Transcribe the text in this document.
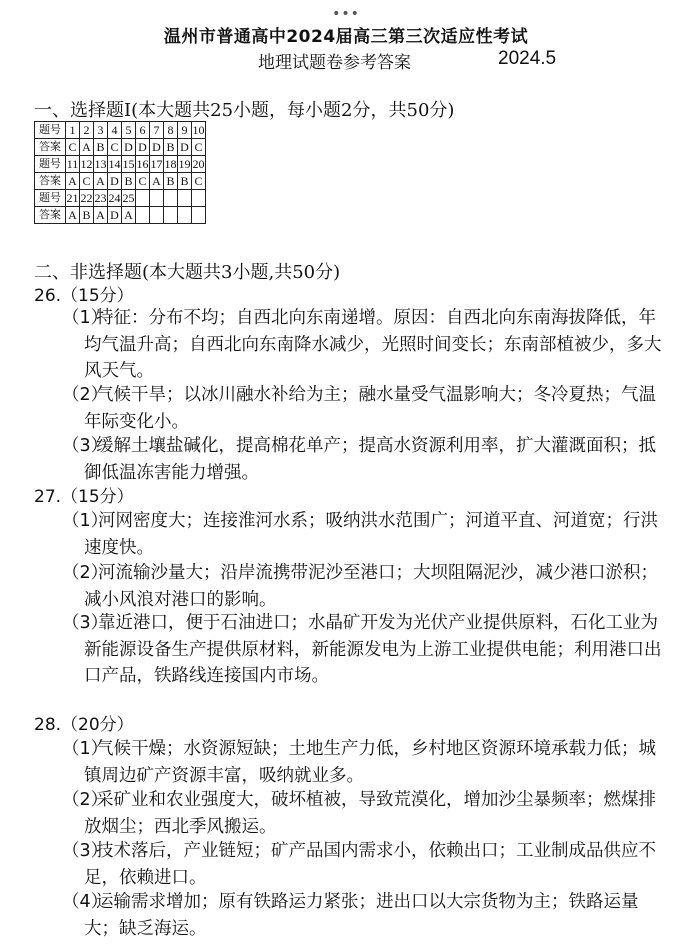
•••
温州市普通高中2024届高三第三次适应性考试
地理试题卷参考答案	2024.5
一、选择题I(本大题共25小题，每小题2分，共50分)
题号	1	2	3	4	5	6	7	8	9	10
答案	C	A	B	C	D	D	D	B	D	C
题号	11	12	13	14	15	16	17	18	19	20
答案	A	C	A	D	B	C	A	B	B	C
题号	21	22	23	24	25					
答案	A	B	A	D	A					
二、非选择题(本大题共3小题,共50分)
26.（15分）
（1）
特征：分布不均；自西北向东南递增。原因：自西北向东南海拔降低，年均气温升高；自西北向东南降水减少，光照时间变长；东南部植被少，多大风天气。
（2）
气候干旱；以冰川融水补给为主；融水量受气温影响大；冬冷夏热；气温年际变化小。
（3）
缓解土壤盐碱化，提高棉花单产；提高水资源利用率，扩大灌溉面积；抵御低温冻害能力增强。
27.（15分）
（1）
河网密度大；连接淮河水系；吸纳洪水范围广；河道平直、河道宽；行洪速度快。
（2）
河流输沙量大；沿岸流携带泥沙至港口；大坝阻隔泥沙，减少港口淤积；减小风浪对港口的影响。
（3）
靠近港口，便于石油进口；水晶矿开发为光伏产业提供原料，石化工业为新能源设备生产提供原材料，新能源发电为上游工业提供电能；利用港口出口产品，铁路线连接国内市场。
28.（20分）
（1）
气候干燥；水资源短缺；土地生产力低，乡村地区资源环境承载力低；城镇周边矿产资源丰富，吸纳就业多。
（2）
采矿业和农业强度大，破坏植被，导致荒漠化，增加沙尘暴频率；燃煤排放烟尘；西北季风搬运。
（3）
技术落后，产业链短；矿产品国内需求小，依赖出口；工业制成品供应不足，依赖进口。
（4）
运输需求增加；原有铁路运力紧张；进出口以大宗货物为主；铁路运量大；缺乏海运。
